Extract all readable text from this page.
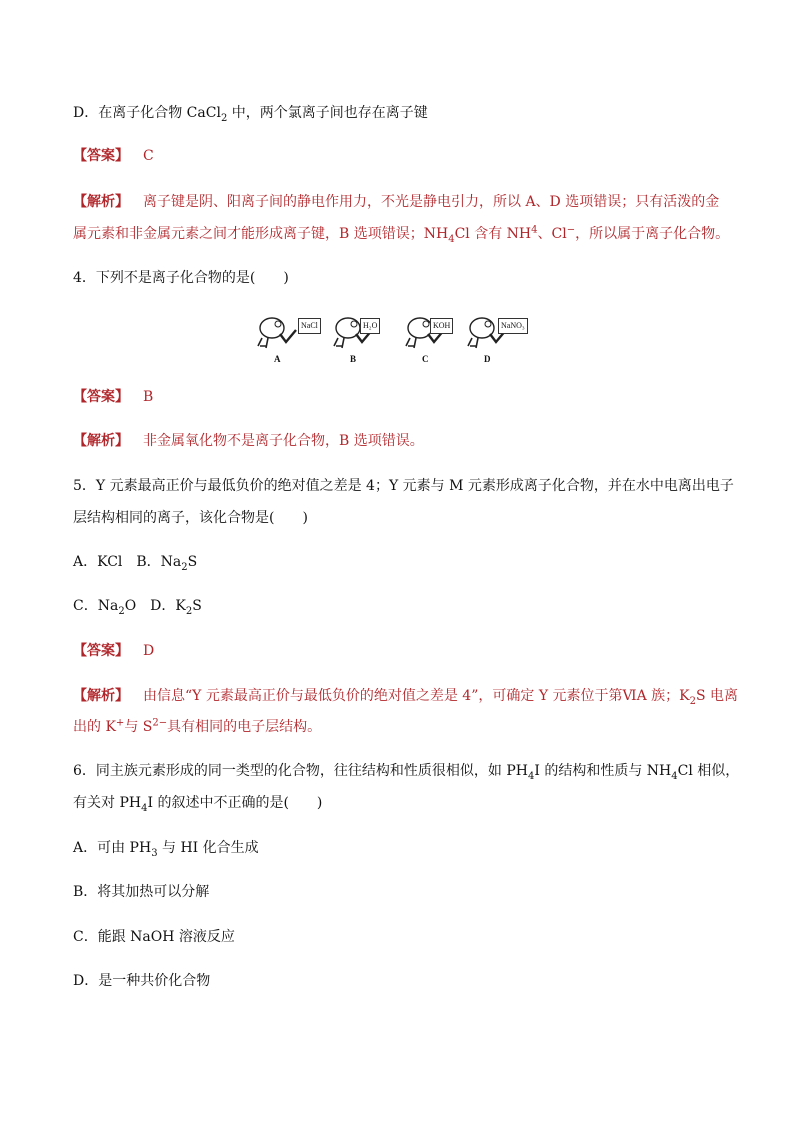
D．在离子化合物 CaCl$_2$ 中，两个氯离子间也存在离子键
【答案】 C
【解析】 离子键是阴、阳离子间的静电作用力，不光是静电引力，所以 A、D 选项错误；只有活泼的金
属元素和非金属元素之间才能形成离子键，B 选项错误；$NH_4Cl$ 含有 $NH^4$、Cl−，所以属于离子化合物。
4．下列不是离子化合物的是(　　)
NaCl
A
H₂O
B
KOH
C
NaNO₃
D
【答案】 B
【解析】 非金属氧化物不是离子化合物，B 选项错误。
5．Y 元素最高正价与最低负价的绝对值之差是 4；Y 元素与 M 元素形成离子化合物，并在水中电离出电子
层结构相同的离子，该化合物是(　　)
A．KCl　B．$Na_2S$
C．$Na_2O$　D．$K_2S$
【答案】 D
【解析】 由信息“Y 元素最高正价与最低负价的绝对值之差是 4”，可确定 Y 元素位于第ⅥA 族；$K_2S$ 电离
出的 K+与 $S^{2-}$具有相同的电子层结构。
6．同主族元素形成的同一类型的化合物，往往结构和性质很相似，如 $PH_4I$ 的结构和性质与 $NH_4Cl$ 相似，
有关对 $PH_4I$ 的叙述中不正确的是(　　)
A．可由 $PH_3$ 与 HI 化合生成
B．将其加热可以分解
C．能跟 NaOH 溶液反应
D．是一种共价化合物
